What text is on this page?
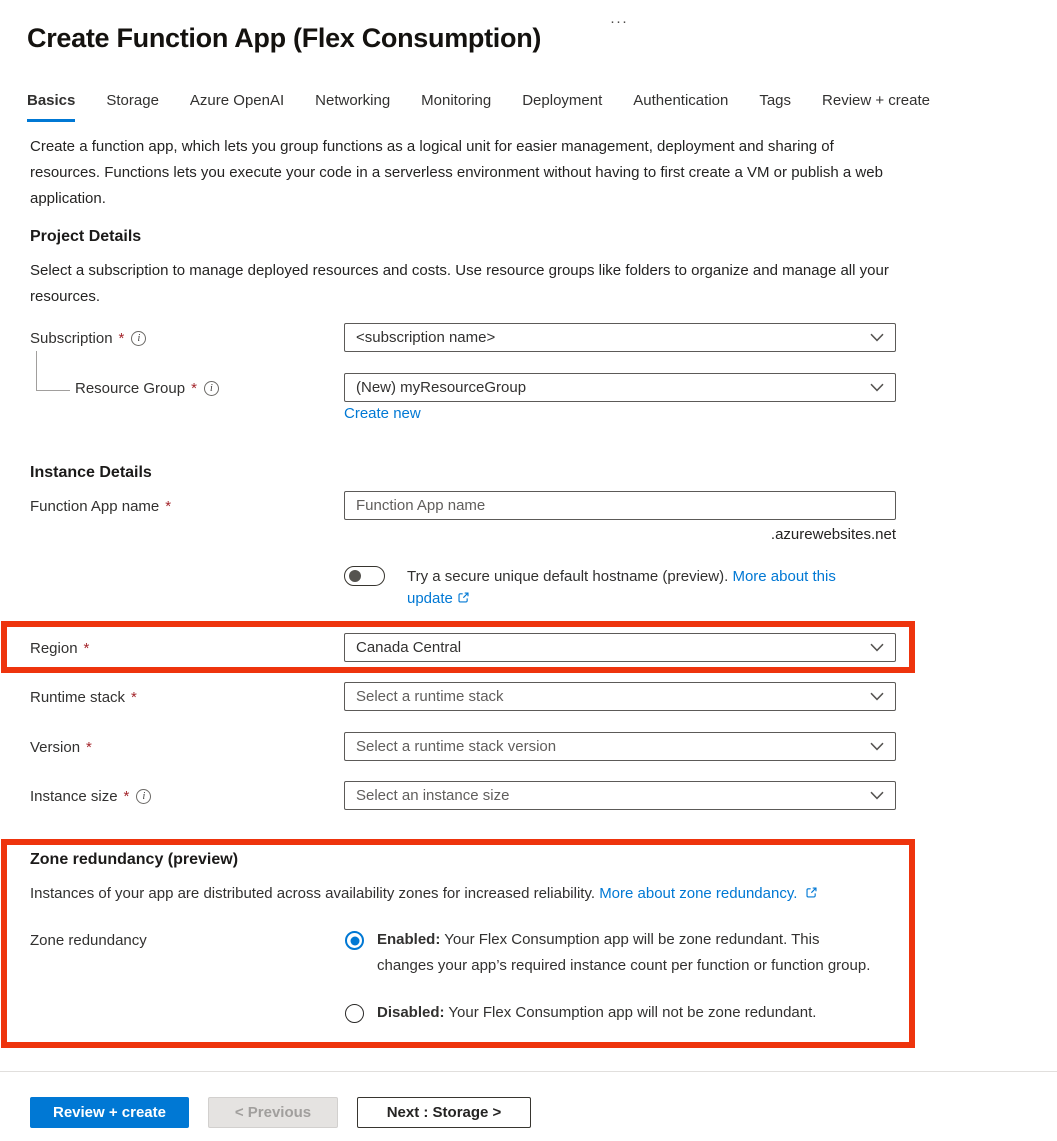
Create Function App (Flex Consumption)
···
Basics Storage Azure OpenAI Networking Monitoring Deployment Authentication Tags Review + create

Create a function app, which lets you group functions as a logical unit for easier management, deployment and sharing of resources. Functions lets you execute your code in a serverless environment without having to first create a VM or publish a web application.

Project Details

Select a subscription to manage deployed resources and costs. Use resource groups like folders to organize and manage all your resources.

Subscription *	i	<subscription name>
Resource Group *	i	(New) myResourceGroup
Create new
Instance Details
Function App name *
Function App name
.azurewebsites.net
Try a secure unique default hostname (preview). More about this update
Region *	Canada Central
Runtime stack *	Select a runtime stack
Version *	Select a runtime stack version
Instance size *	i	Select an instance size
Zone redundancy (preview)
Instances of your app are distributed across availability zones for increased reliability. More about zone redundancy.
Zone redundancy	Enabled: Your Flex Consumption app will be zone redundant. This changes your app’s required instance count per function or function group.
Disabled: Your Flex Consumption app will not be zone redundant.
Review + create	< Previous	Next : Storage >
